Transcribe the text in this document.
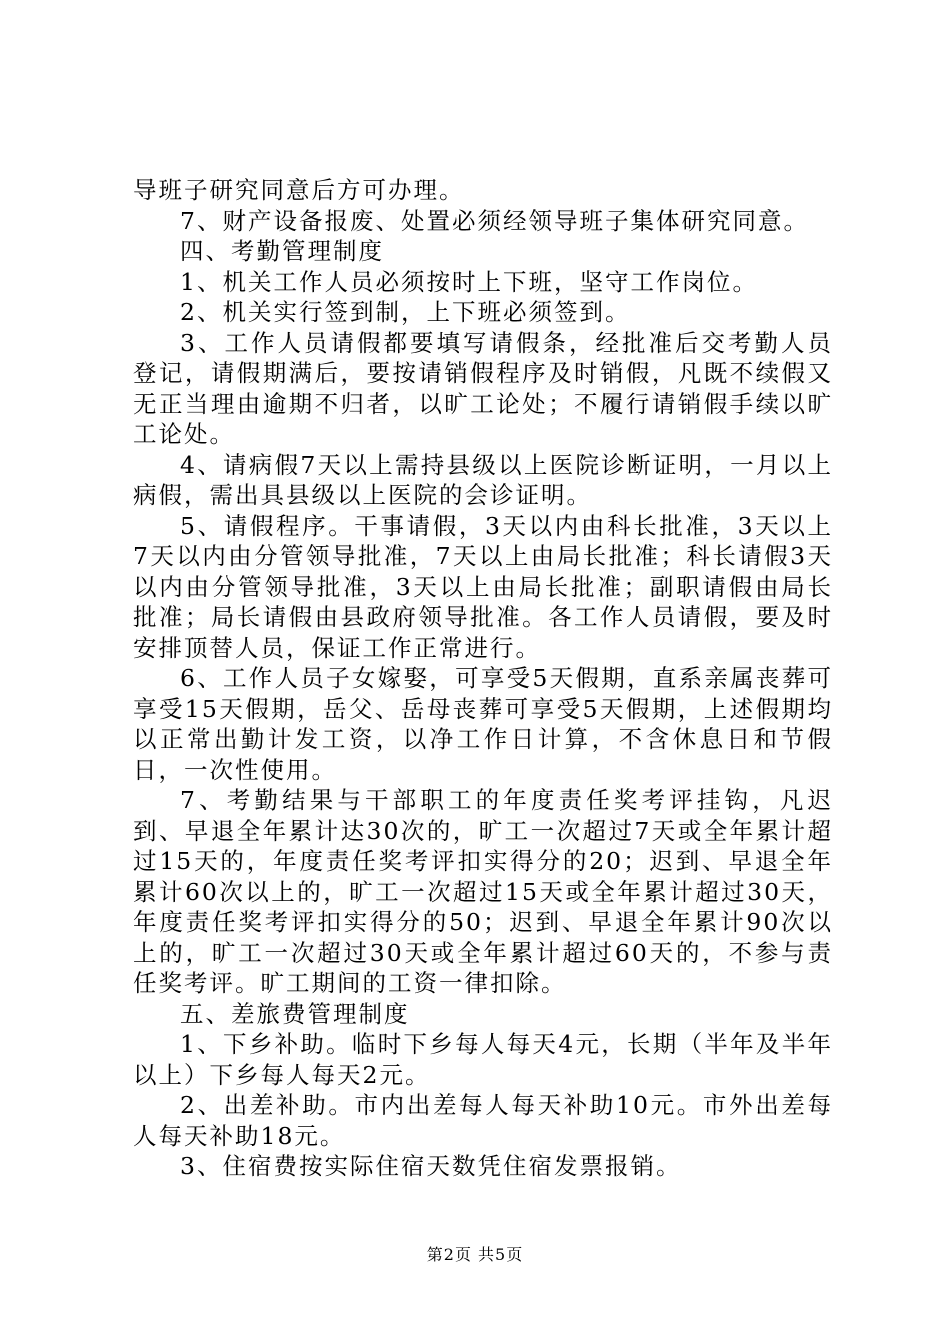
导班子研究同意后方可办理。

7、财产设备报废、处置必须经领导班子集体研究同意。

四、考勤管理制度

1、机关工作人员必须按时上下班，坚守工作岗位。

2、机关实行签到制，上下班必须签到。

3、工作人员请假都要填写请假条，经批准后交考勤人员登记，请假期满后，要按请销假程序及时销假，凡既不续假又无正当理由逾期不归者，以旷工论处；不履行请销假手续以旷工论处。

4、请病假7天以上需持县级以上医院诊断证明，一月以上病假，需出具县级以上医院的会诊证明。

5、请假程序。干事请假，3天以内由科长批准，3天以上7天以内由分管领导批准，7天以上由局长批准；科长请假3天以内由分管领导批准，3天以上由局长批准；副职请假由局长批准；局长请假由县政府领导批准。各工作人员请假，要及时安排顶替人员，保证工作正常进行。

6、工作人员子女嫁娶，可享受5天假期，直系亲属丧葬可享受15天假期，岳父、岳母丧葬可享受5天假期，上述假期均以正常出勤计发工资，以净工作日计算，不含休息日和节假日，一次性使用。

7、考勤结果与干部职工的年度责任奖考评挂钩，凡迟到、早退全年累计达30次的，旷工一次超过7天或全年累计超过15天的，年度责任奖考评扣实得分的20；迟到、早退全年累计60次以上的，旷工一次超过15天或全年累计超过30天，年度责任奖考评扣实得分的50；迟到、早退全年累计90次以上的，旷工一次超过30天或全年累计超过60天的，不参与责任奖考评。旷工期间的工资一律扣除。

五、差旅费管理制度

1、下乡补助。临时下乡每人每天4元，长期（半年及半年以上）下乡每人每天2元。

2、出差补助。市内出差每人每天补助10元。市外出差每人每天补助18元。

3、住宿费按实际住宿天数凭住宿发票报销。

第2页 共5页
